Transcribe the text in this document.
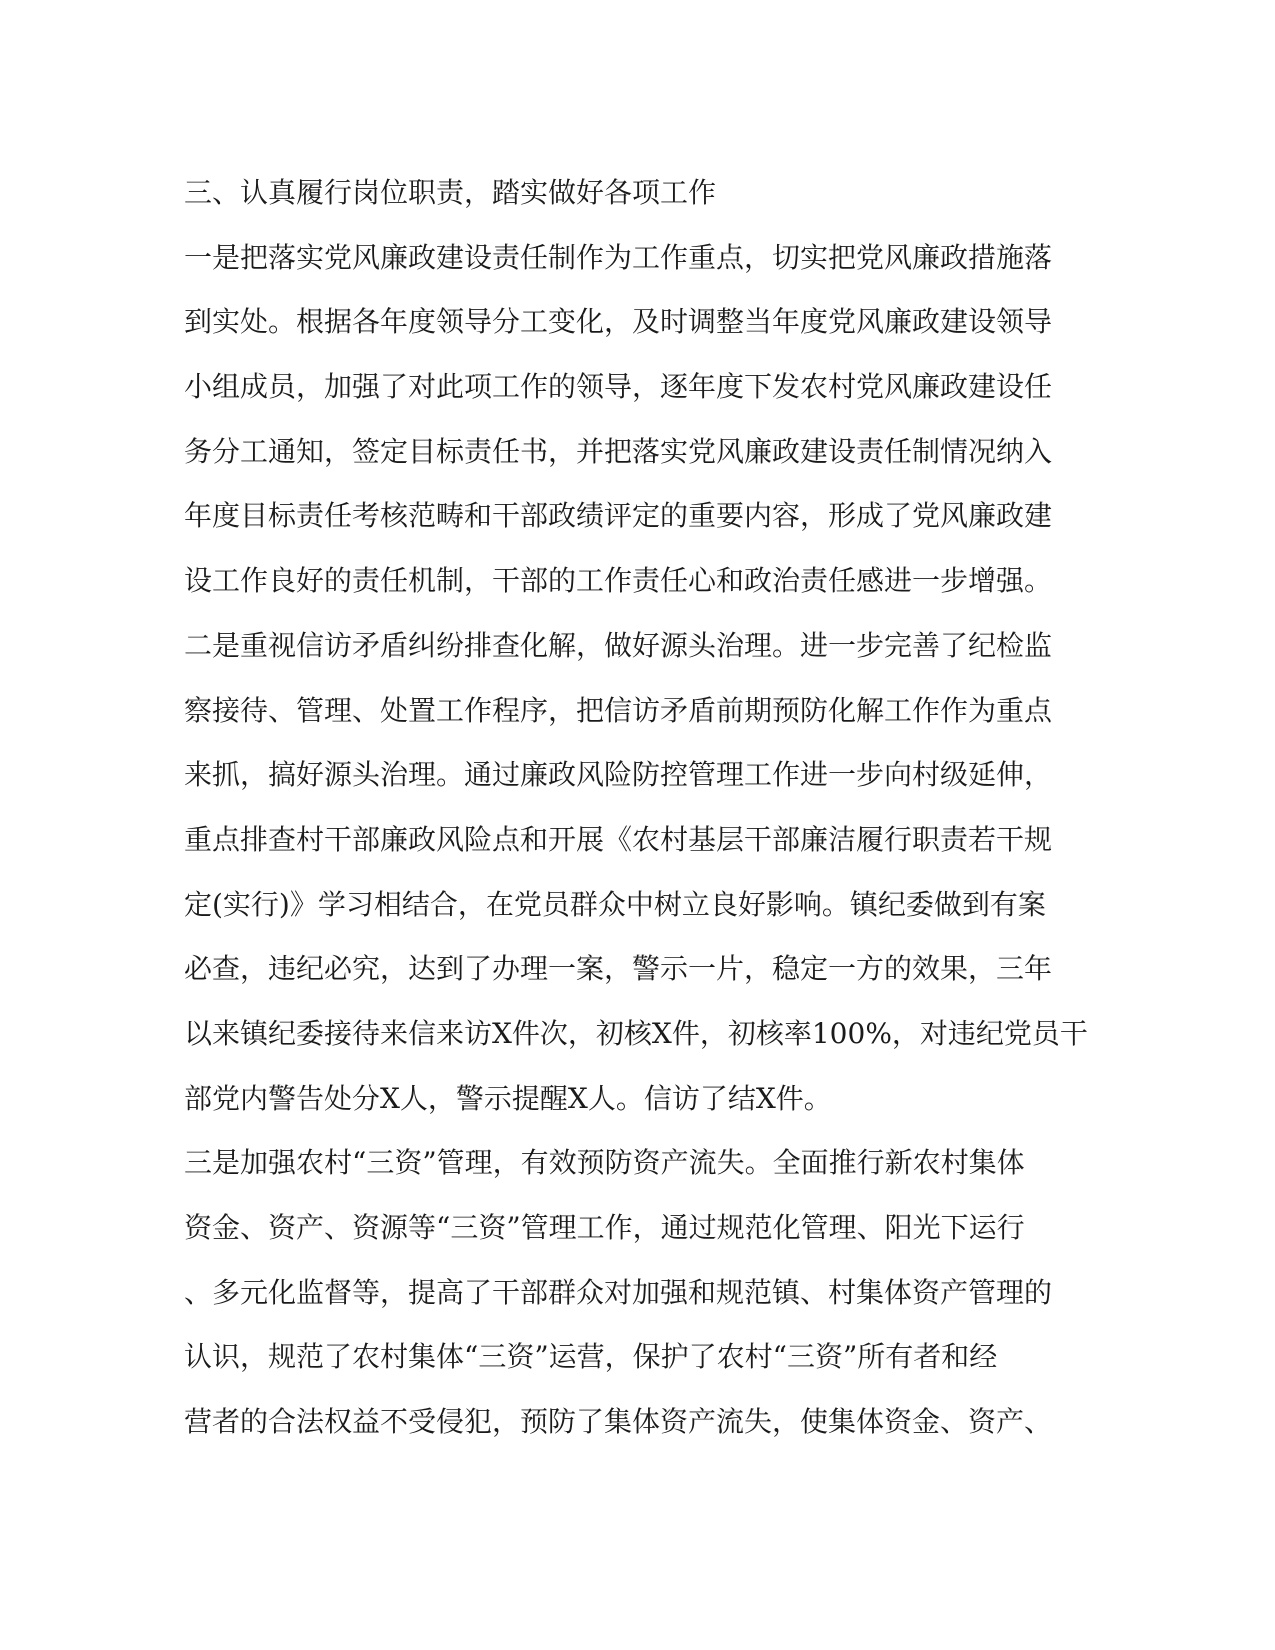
三、认真履行岗位职责，踏实做好各项工作
一是把落实党风廉政建设责任制作为工作重点，切实把党风廉政措施落
到实处。根据各年度领导分工变化，及时调整当年度党风廉政建设领导
小组成员，加强了对此项工作的领导，逐年度下发农村党风廉政建设任
务分工通知，签定目标责任书，并把落实党风廉政建设责任制情况纳入
年度目标责任考核范畴和干部政绩评定的重要内容，形成了党风廉政建
设工作良好的责任机制，干部的工作责任心和政治责任感进一步增强。
二是重视信访矛盾纠纷排查化解，做好源头治理。进一步完善了纪检监
察接待、管理、处置工作程序，把信访矛盾前期预防化解工作作为重点
来抓，搞好源头治理。通过廉政风险防控管理工作进一步向村级延伸，
重点排查村干部廉政风险点和开展《农村基层干部廉洁履行职责若干规
定(实行)》学习相结合，在党员群众中树立良好影响。镇纪委做到有案
必查，违纪必究，达到了办理一案，警示一片，稳定一方的效果，三年
以来镇纪委接待来信来访X件次，初核X件，初核率100%，对违纪党员干
部党内警告处分X人，警示提醒X人。信访了结X件。
三是加强农村“三资”管理，有效预防资产流失。全面推行新农村集体
资金、资产、资源等“三资”管理工作，通过规范化管理、阳光下运行
、多元化监督等，提高了干部群众对加强和规范镇、村集体资产管理的
认识，规范了农村集体“三资”运营，保护了农村“三资”所有者和经
营者的合法权益不受侵犯，预防了集体资产流失，使集体资金、资产、
